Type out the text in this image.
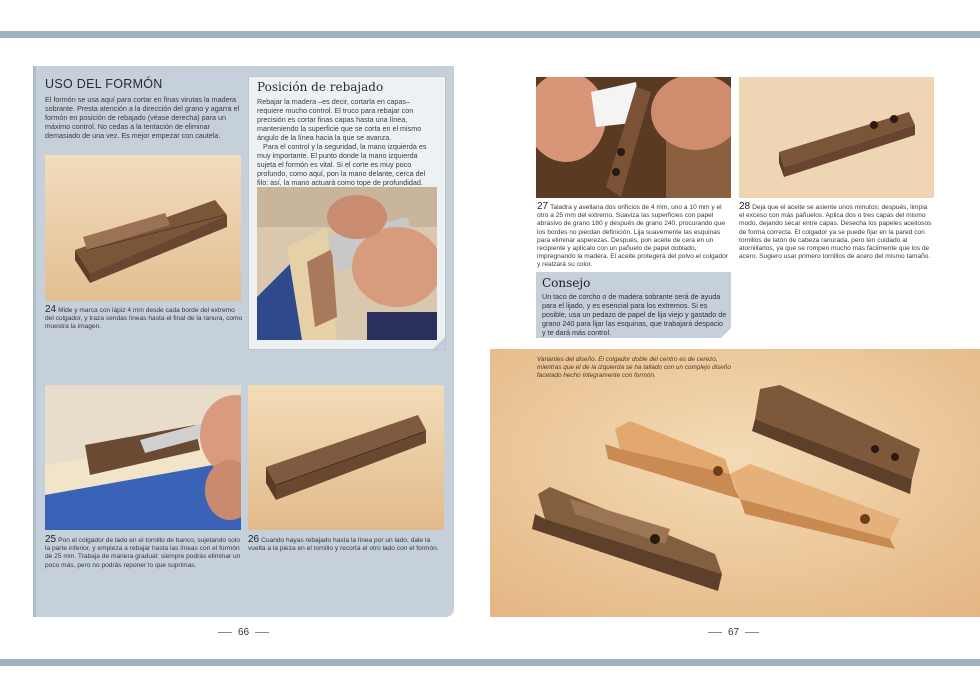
USO DEL FORMÓN
El formón se usa aquí para cortar en finas virutas la madera sobrante. Presta atención a la dirección del grano y agarra el formón en posición de rebajado (véase derecha) para un máximo control. No cedas a la tentación de eliminar demasiado de una vez. Es mejor empezar con cautela.
Posición de rebajado

Rebajar la madera –es decir, cortarla en capas– requiere mucho control. El truco para rebajar con precisión es cortar finas capas hasta una línea, manteniendo la superficie que se corta en el mismo ángulo de la línea hacia la que se avanza.

Para el control y la seguridad, la mano izquierda es muy importante. El punto donde la mano izquierda sujeta el formón es vital. Si el corte es muy poco profundo, como aquí, pon la mano delante, cerca del filo: así, la mano actuará como tope de profundidad.

24 Mide y marca con lápiz 4 mm desde cada borde del extremo del colgador, y traza sendas líneas hasta el final de la ranura, como muestra la imagen.
25 Pon el colgador de lado en el tornillo de banco, sujetando solo la parte inferior, y empieza a rebajar hasta las líneas con el formón de 25 mm. Trabaja de manera gradual: siempre podrás eliminar un poco más, pero no podrás reponer lo que suprimas.
26 Cuando hayas rebajado hasta la línea por un lado, dale la vuelta a la pieza en el tornillo y recorta el otro lado con el formón.
66
27 Taladra y avellana dos orificios de 4 mm, uno a 10 mm y el otro a 25 mm del extremo. Suaviza las superficies con papel abrasivo de grano 180 y después de grano 240, procurando que los bordes no pierdan definición. Lija suavemente las esquinas para eliminar asperezas. Después, pon aceite de cera en un recipiente y aplícalo con un pañuelo de papel doblado, impregnando la madera. El aceite protegerá del polvo el colgador y realzará su color.
28 Deja que el aceite se asiente unos minutos; después, limpia el exceso con más pañuelos. Aplica dos o tres capas del mismo modo, dejando secar entre capas. Desecha los papeles aceitosos de forma correcta. El colgador ya se puede fijar en la pared con tornillos de latón de cabeza ranurada, pero ten cuidado al atornillarlos, ya que se rompen mucho más fácilmente que los de acero. Sugiero usar primero tornillos de acero del mismo tamaño.
Consejo
Un taco de corcho o de madera sobrante será de ayuda para el lijado, y es esencial para los extremos. Si es posible, usa un pedazo de papel de lija viejo y gastado de grano 240 para lijar las esquinas, que trabajará despacio y te dará más control.
Variantes del diseño. El colgador doble del centro es de cerezo, mientras que el de la izquierda se ha tallado con un complejo diseño facetado hecho íntegramente con formón.
67
